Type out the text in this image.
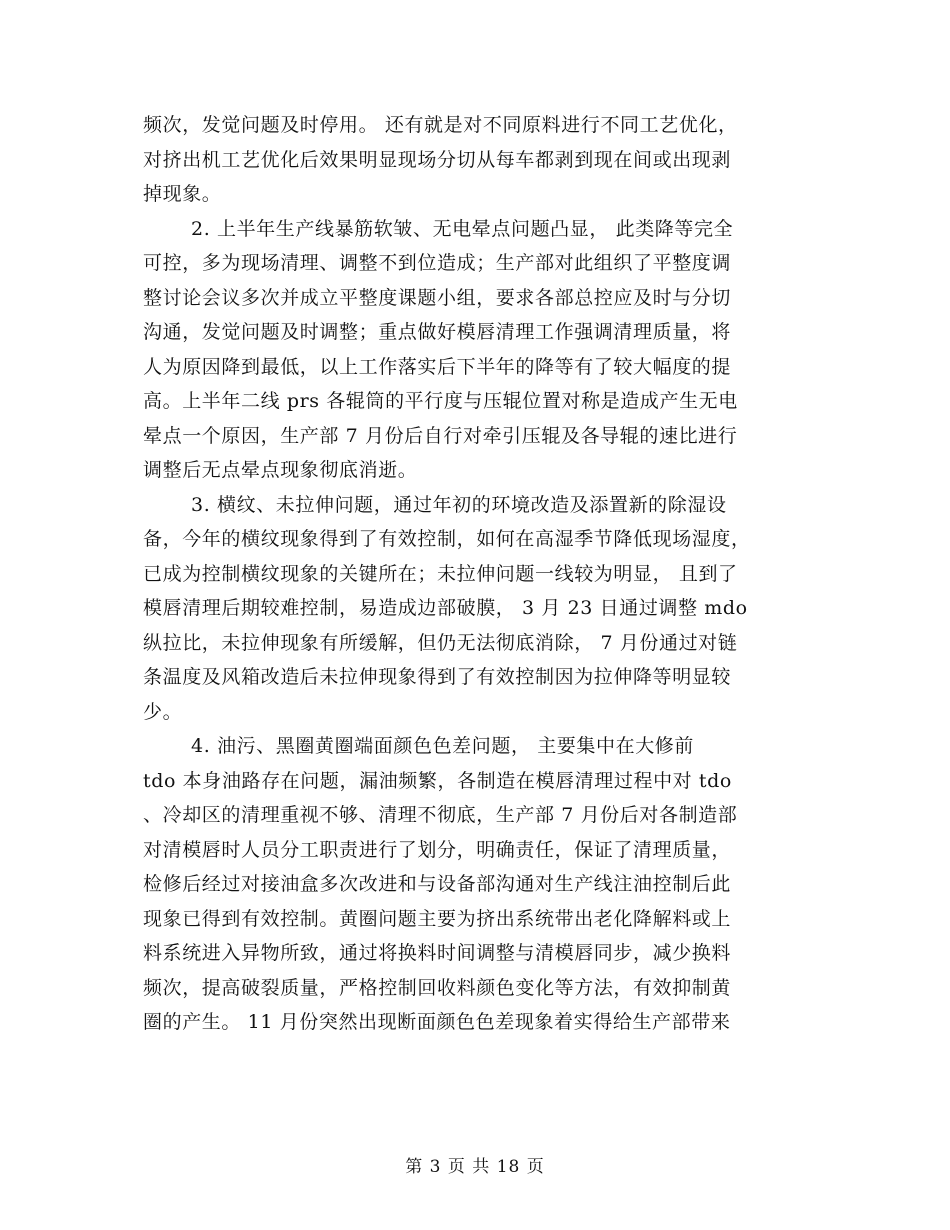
频次，发觉问题及时停用。 还有就是对不同原料进行不同工艺优化，
对挤出机工艺优化后效果明显现场分切从每车都剥到现在间或出现剥
掉现象。
2. 上半年生产线暴筋软皱、无电晕点问题凸显， 此类降等完全
可控，多为现场清理、调整不到位造成；生产部对此组织了平整度调
整讨论会议多次并成立平整度课题小组，要求各部总控应及时与分切
沟通，发觉问题及时调整；重点做好模唇清理工作强调清理质量，将
人为原因降到最低，以上工作落实后下半年的降等有了较大幅度的提
高。上半年二线 prs 各辊筒的平行度与压辊位置对称是造成产生无电
晕点一个原因，生产部 7 月份后自行对牵引压辊及各导辊的速比进行
调整后无点晕点现象彻底消逝。
3. 横纹、未拉伸问题，通过年初的环境改造及添置新的除湿设
备，今年的横纹现象得到了有效控制，如何在高湿季节降低现场湿度，
已成为控制横纹现象的关键所在；未拉伸问题一线较为明显， 且到了
模唇清理后期较难控制，易造成边部破膜， 3 月 23 日通过调整 mdo
纵拉比，未拉伸现象有所缓解，但仍无法彻底消除， 7 月份通过对链
条温度及风箱改造后未拉伸现象得到了有效控制因为拉伸降等明显较
少。
4. 油污、黑圈黄圈端面颜色色差问题， 主要集中在大修前
tdo 本身油路存在问题，漏油频繁，各制造在模唇清理过程中对 tdo
、冷却区的清理重视不够、清理不彻底，生产部 7 月份后对各制造部
对清模唇时人员分工职责进行了划分，明确责任，保证了清理质量，
检修后经过对接油盒多次改进和与设备部沟通对生产线注油控制后此
现象已得到有效控制。黄圈问题主要为挤出系统带出老化降解料或上
料系统进入异物所致，通过将换料时间调整与清模唇同步，减少换料
频次，提高破裂质量，严格控制回收料颜色变化等方法，有效抑制黄
圈的产生。 11 月份突然出现断面颜色色差现象着实得给生产部带来
第 3 页 共 18 页
